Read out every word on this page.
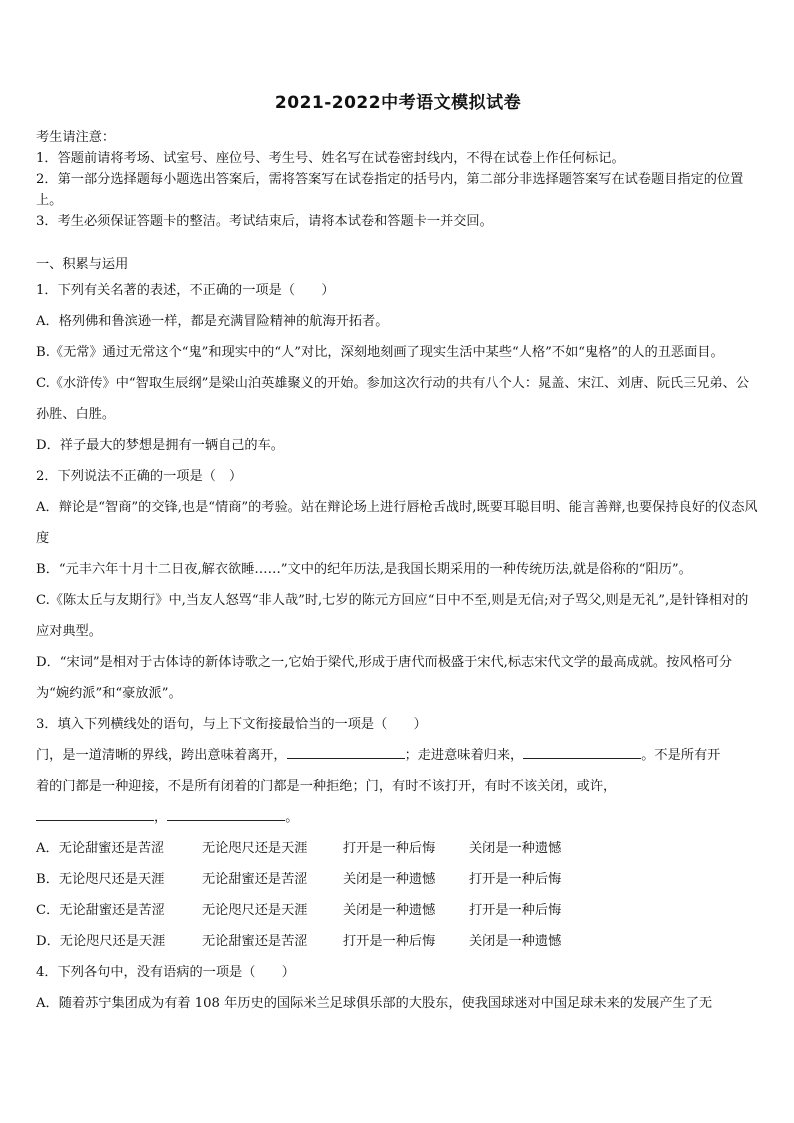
2021-2022中考语文模拟试卷
考生请注意：
1．答题前请将考场、试室号、座位号、考生号、姓名写在试卷密封线内，不得在试卷上作任何标记。
2．第一部分选择题每小题选出答案后，需将答案写在试卷指定的括号内，第二部分非选择题答案写在试卷题目指定的位置上。
3．考生必须保证答题卡的整洁。考试结束后，请将本试卷和答题卡一并交回。
一、积累与运用
1．下列有关名著的表述，不正确的一项是（　　）
A．格列佛和鲁滨逊一样，都是充满冒险精神的航海开拓者。
B.《无常》通过无常这个“鬼”和现实中的“人”对比，深刻地刻画了现实生活中某些“人格”不如“鬼格”的人的丑恶面目。
C.《水浒传》中“智取生辰纲”是梁山泊英雄聚义的开始。参加这次行动的共有八个人：晁盖、宋江、刘唐、阮氏三兄弟、公孙胜、白胜。
D．祥子最大的梦想是拥有一辆自己的车。
2．下列说法不正确的一项是（　）
A．辩论是“智商”的交锋,也是“情商”的考验。站在辩论场上进行唇枪舌战时,既要耳聪目明、能言善辩,也要保持良好的仪态风度
B．“元丰六年十月十二日夜,解衣欲睡……”文中的纪年历法,是我国长期采用的一种传统历法,就是俗称的“阳历”。
C.《陈太丘与友期行》中,当友人怒骂“非人哉”时,七岁的陈元方回应“日中不至,则是无信;对子骂父,则是无礼”,是针锋相对的应对典型。
D．“宋词”是相对于古体诗的新体诗歌之一,它始于梁代,形成于唐代而极盛于宋代,标志宋代文学的最高成就。按风格可分为“婉约派”和“豪放派”。
3．填入下列横线处的语句，与上下文衔接最恰当的一项是（　　）
门，是一道清晰的界线，跨出意味着离开，	；走进意味着归来，	。不是所有开
着的门都是一种迎接，不是所有闭着的门都是一种拒绝；门，有时不该打开，有时不该关闭，或许，
，	。
A．无论甜蜜还是苦涩	无论咫尺还是天涯	打开是一种后悔	关闭是一种遗憾
B．无论咫尺还是天涯	无论甜蜜还是苦涩	关闭是一种遗憾	打开是一种后悔
C．无论甜蜜还是苦涩	无论咫尺还是天涯	关闭是一种遗憾	打开是一种后悔
D．无论咫尺还是天涯	无论甜蜜还是苦涩	打开是一种后悔	关闭是一种遗憾
4．下列各句中，没有语病的一项是（　　）
A．随着苏宁集团成为有着 108 年历史的国际米兰足球俱乐部的大股东，使我国球迷对中国足球未来的发展产生了无
